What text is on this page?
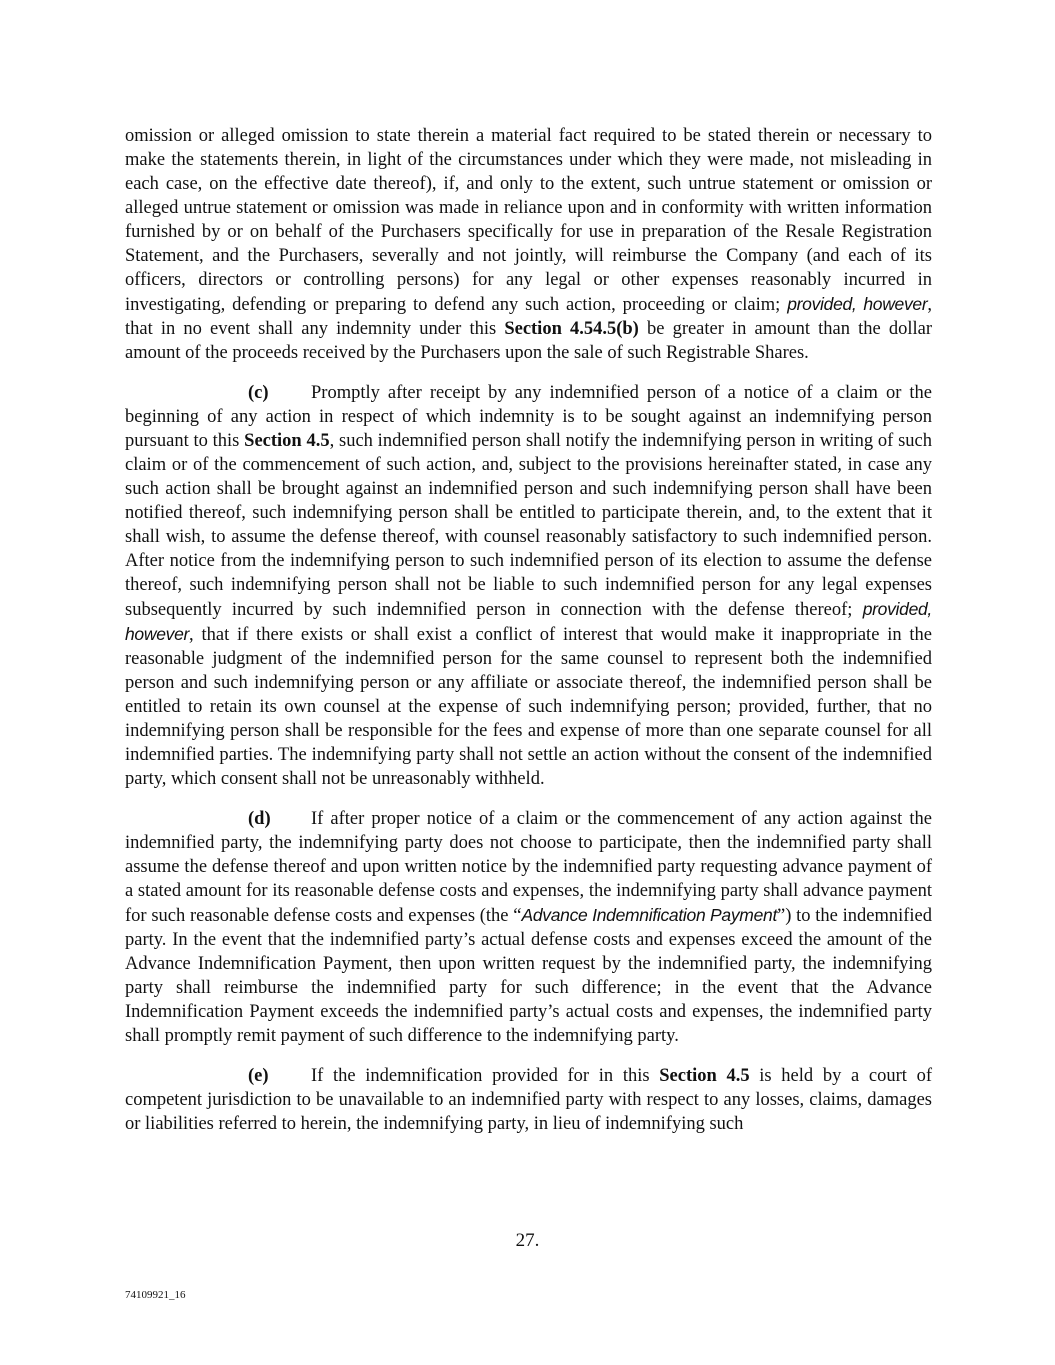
omission or alleged omission to state therein a material fact required to be stated therein or necessary to make the statements therein, in light of the circumstances under which they were made, not misleading in each case, on the effective date thereof), if, and only to the extent, such untrue statement or omission or alleged untrue statement or omission was made in reliance upon and in conformity with written information furnished by or on behalf of the Purchasers specifically for use in preparation of the Resale Registration Statement, and the Purchasers, severally and not jointly, will reimburse the Company (and each of its officers, directors or controlling persons) for any legal or other expenses reasonably incurred in investigating, defending or preparing to defend any such action, proceeding or claim; provided, however, that in no event shall any indemnity under this Section 4.54.5(b) be greater in amount than the dollar amount of the proceeds received by the Purchasers upon the sale of such Registrable Shares.

(c) Promptly after receipt by any indemnified person of a notice of a claim or the beginning of any action in respect of which indemnity is to be sought against an indemnifying person pursuant to this Section 4.5, such indemnified person shall notify the indemnifying person in writing of such claim or of the commencement of such action, and, subject to the provisions hereinafter stated, in case any such action shall be brought against an indemnified person and such indemnifying person shall have been notified thereof, such indemnifying person shall be entitled to participate therein, and, to the extent that it shall wish, to assume the defense thereof, with counsel reasonably satisfactory to such indemnified person. After notice from the indemnifying person to such indemnified person of its election to assume the defense thereof, such indemnifying person shall not be liable to such indemnified person for any legal expenses subsequently incurred by such indemnified person in connection with the defense thereof; provided, however, that if there exists or shall exist a conflict of interest that would make it inappropriate in the reasonable judgment of the indemnified person for the same counsel to represent both the indemnified person and such indemnifying person or any affiliate or associate thereof, the indemnified person shall be entitled to retain its own counsel at the expense of such indemnifying person; provided, further, that no indemnifying person shall be responsible for the fees and expense of more than one separate counsel for all indemnified parties. The indemnifying party shall not settle an action without the consent of the indemnified party, which consent shall not be unreasonably withheld.

(d) If after proper notice of a claim or the commencement of any action against the indemnified party, the indemnifying party does not choose to participate, then the indemnified party shall assume the defense thereof and upon written notice by the indemnified party requesting advance payment of a stated amount for its reasonable defense costs and expenses, the indemnifying party shall advance payment for such reasonable defense costs and expenses (the “Advance Indemnification Payment”) to the indemnified party. In the event that the indemnified party’s actual defense costs and expenses exceed the amount of the Advance Indemnification Payment, then upon written request by the indemnified party, the indemnifying party shall reimburse the indemnified party for such difference; in the event that the Advance Indemnification Payment exceeds the indemnified party’s actual costs and expenses, the indemnified party shall promptly remit payment of such difference to the indemnifying party.

(e) If the indemnification provided for in this Section 4.5 is held by a court of competent jurisdiction to be unavailable to an indemnified party with respect to any losses, claims, damages or liabilities referred to herein, the indemnifying party, in lieu of indemnifying such

27.
74109921_16
